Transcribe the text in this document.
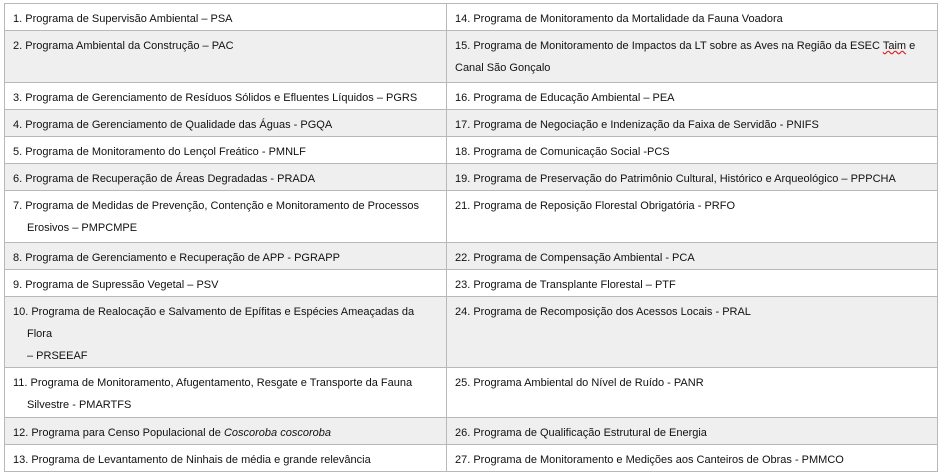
1. Programa de Supervisão Ambiental – PSA	14. Programa de Monitoramento da Mortalidade da Fauna Voadora
2. Programa Ambiental da Construção – PAC	15. Programa de Monitoramento de Impactos da LT sobre as Aves na Região da ESEC Taim e
Canal São Gonçalo

3. Programa de Gerenciamento de Resíduos Sólidos e Efluentes Líquidos – PGRS	16. Programa de Educação Ambiental – PEA
4. Programa de Gerenciamento de Qualidade das Águas - PGQA	17. Programa de Negociação e Indenização da Faixa de Servidão - PNIFS
5. Programa de Monitoramento do Lençol Freático - PMNLF	18. Programa de Comunicação Social -PCS
6. Programa de Recuperação de Áreas Degradadas - PRADA	19. Programa de Preservação do Patrimônio Cultural, Histórico e Arqueológico – PPPCHA

7. Programa de Medidas de Prevenção, Contenção e Monitoramento de Processos
Erosivos – PMPCMPE	21. Programa de Reposição Florestal Obrigatória - PRFO
8. Programa de Gerenciamento e Recuperação de APP - PGRAPP	22. Programa de Compensação Ambiental - PCA
9. Programa de Supressão Vegetal – PSV	23. Programa de Transplante Florestal – PTF

10. Programa de Realocação e Salvamento de Epífitas e Espécies Ameaçadas da Flora
– PRSEEAF	24. Programa de Recomposição dos Acessos Locais - PRAL

11. Programa de Monitoramento, Afugentamento, Resgate e Transporte da Fauna
Silvestre - PMARTFS	25. Programa Ambiental do Nível de Ruído - PANR
12. Programa para Censo Populacional de Coscoroba coscoroba	26. Programa de Qualificação Estrutural de Energia
13. Programa de Levantamento de Ninhais de média e grande relevância	27. Programa de Monitoramento e Medições aos Canteiros de Obras - PMMCO
